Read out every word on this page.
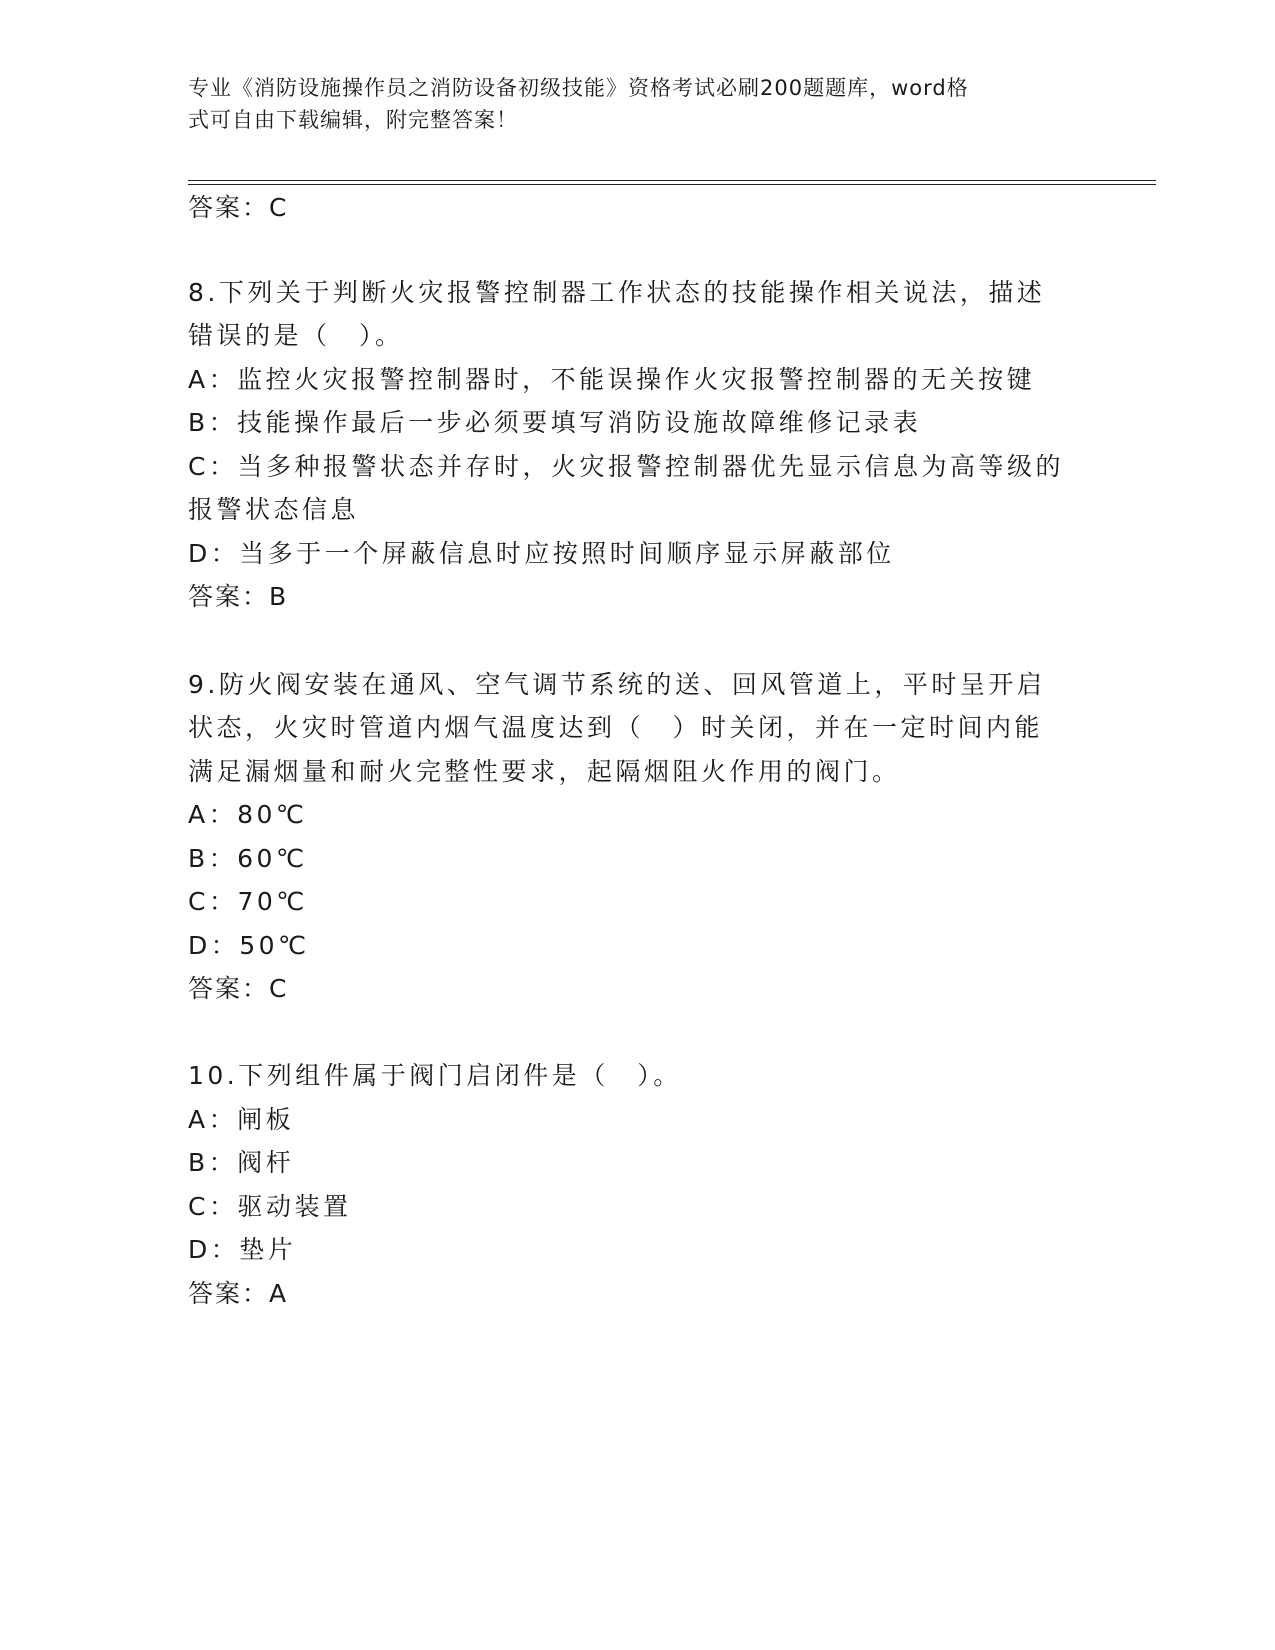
专业《消防设施操作员之消防设备初级技能》资格考试必刷200题题库，word格
式可自由下载编辑，附完整答案！
答案：C
8.下列关于判断火灾报警控制器工作状态的技能操作相关说法，描述
错误的是（　）。
A：监控火灾报警控制器时，不能误操作火灾报警控制器的无关按键
B：技能操作最后一步必须要填写消防设施故障维修记录表
C：当多种报警状态并存时，火灾报警控制器优先显示信息为高等级的
报警状态信息
D：当多于一个屏蔽信息时应按照时间顺序显示屏蔽部位
答案：B
9.防火阀安装在通风、空气调节系统的送、回风管道上，平时呈开启
状态，火灾时管道内烟气温度达到（　）时关闭，并在一定时间内能
满足漏烟量和耐火完整性要求，起隔烟阻火作用的阀门。
A：80℃
B：60℃
C：70℃
D：50℃
答案：C
10.下列组件属于阀门启闭件是（　）。
A：闸板
B：阀杆
C：驱动装置
D：垫片
答案：A
